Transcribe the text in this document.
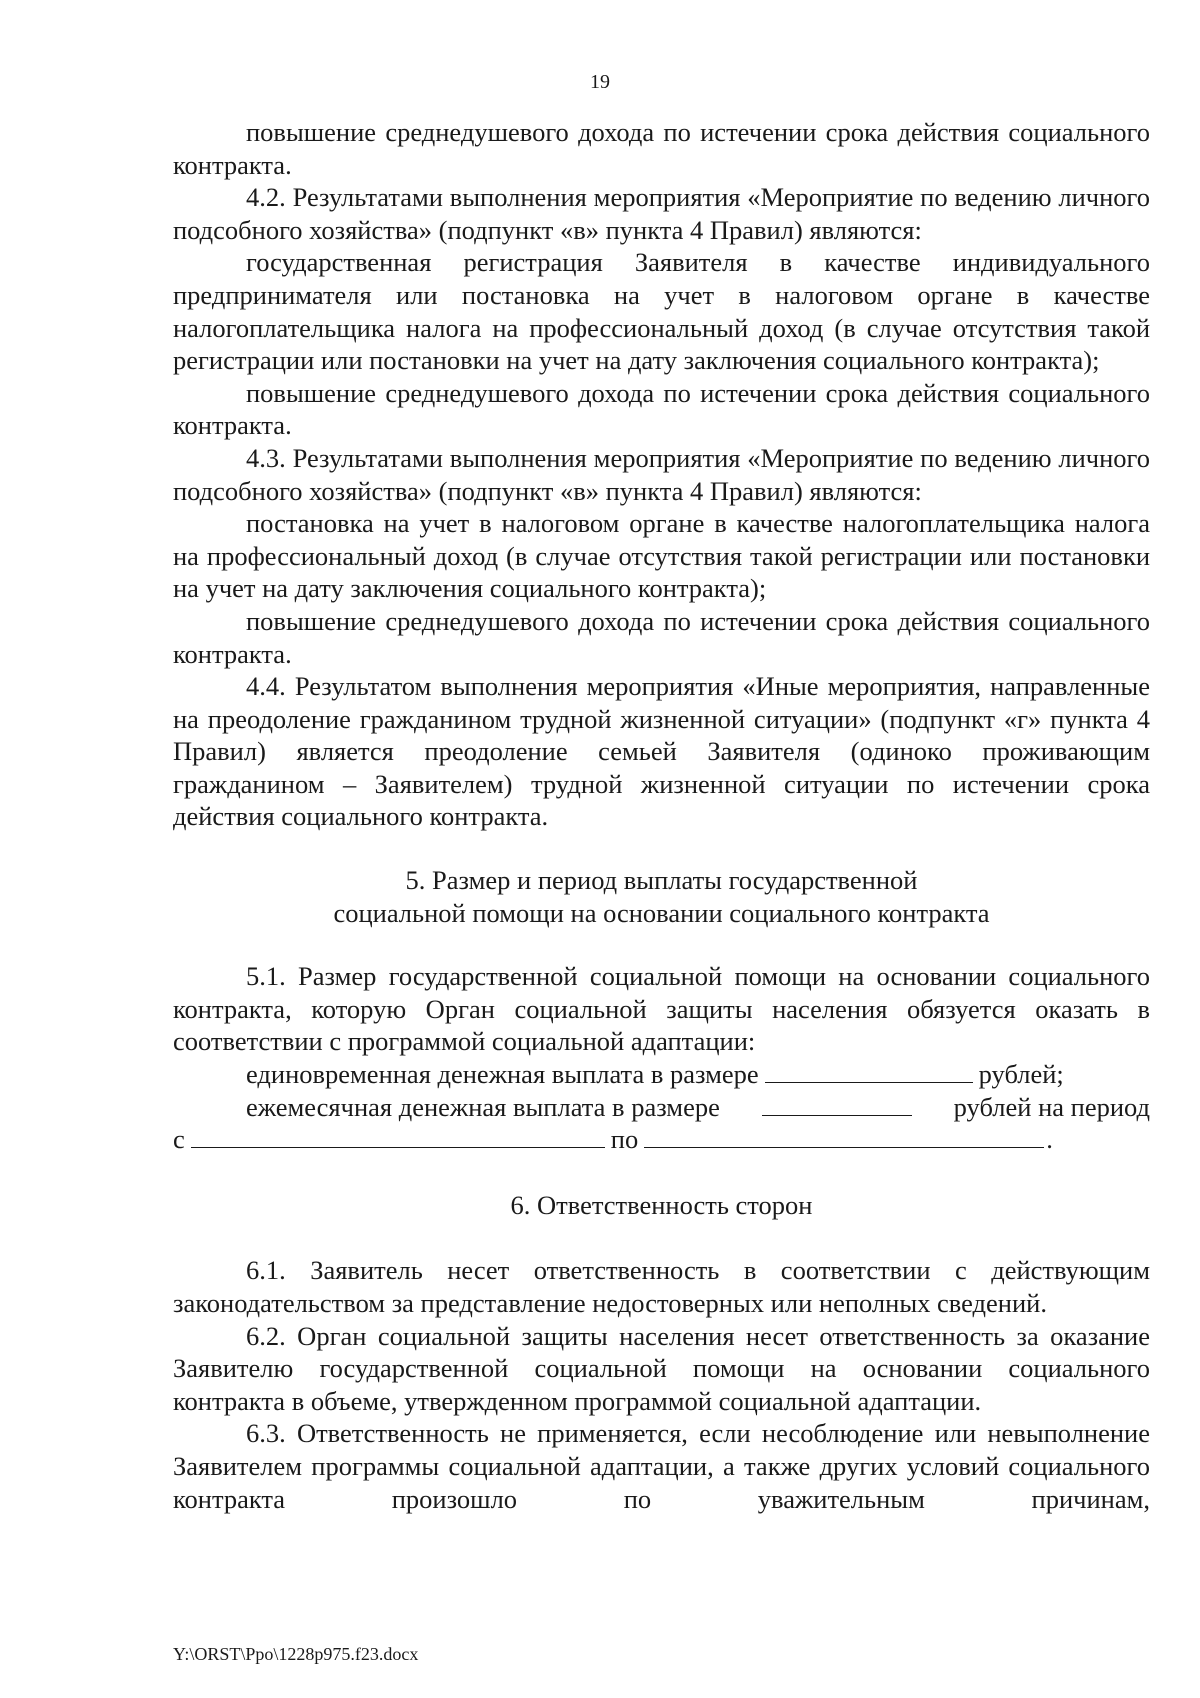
19

повышение среднедушевого дохода по истечении срока действия социального контракта.

4.2. Результатами выполнения мероприятия «Мероприятие по ведению личного подсобного хозяйства» (подпункт «в» пункта 4 Правил) являются:

государственная регистрация Заявителя в качестве индивидуального предпринимателя или постановка на учет в налоговом органе в качестве налогоплательщика налога на профессиональный доход (в случае отсутствия такой регистрации или постановки на учет на дату заключения социального контракта);

повышение среднедушевого дохода по истечении срока действия социального контракта.

4.3. Результатами выполнения мероприятия «Мероприятие по ведению личного подсобного хозяйства» (подпункт «в» пункта 4 Правил) являются:

постановка на учет в налоговом органе в качестве налогоплательщика налога на профессиональный доход (в случае отсутствия такой регистрации или постановки на учет на дату заключения социального контракта);

повышение среднедушевого дохода по истечении срока действия социального контракта.

4.4. Результатом выполнения мероприятия «Иные мероприятия, направленные на преодоление гражданином трудной жизненной ситуации» (подпункт «г» пункта 4 Правил) является преодоление семьей Заявителя (одиноко проживающим гражданином – Заявителем) трудной жизненной ситуации по истечении срока действия социального контракта.

5. Размер и период выплаты государственной

социальной помощи на основании социального контракта

5.1. Размер государственной социальной помощи на основании социального контракта, которую Орган социальной защиты населения обязуется оказать в соответствии с программой социальной адаптации:

единовременная денежная выплата в размере	рублей;
ежемесячная денежная выплата в размере	рублей на период
с	по	.

6. Ответственность сторон

6.1. Заявитель несет ответственность в соответствии с действующим законодательством за представление недостоверных или неполных сведений.

6.2. Орган социальной защиты населения несет ответственность за оказание Заявителю государственной социальной помощи на основании социального контракта в объеме, утвержденном программой социальной адаптации.

6.3. Ответственность не применяется, если несоблюдение или невыполнение Заявителем программы социальной адаптации, а также других условий социального контракта произошло по уважительным причинам,

Y:\ORST\Ppo\1228p975.f23.docx
